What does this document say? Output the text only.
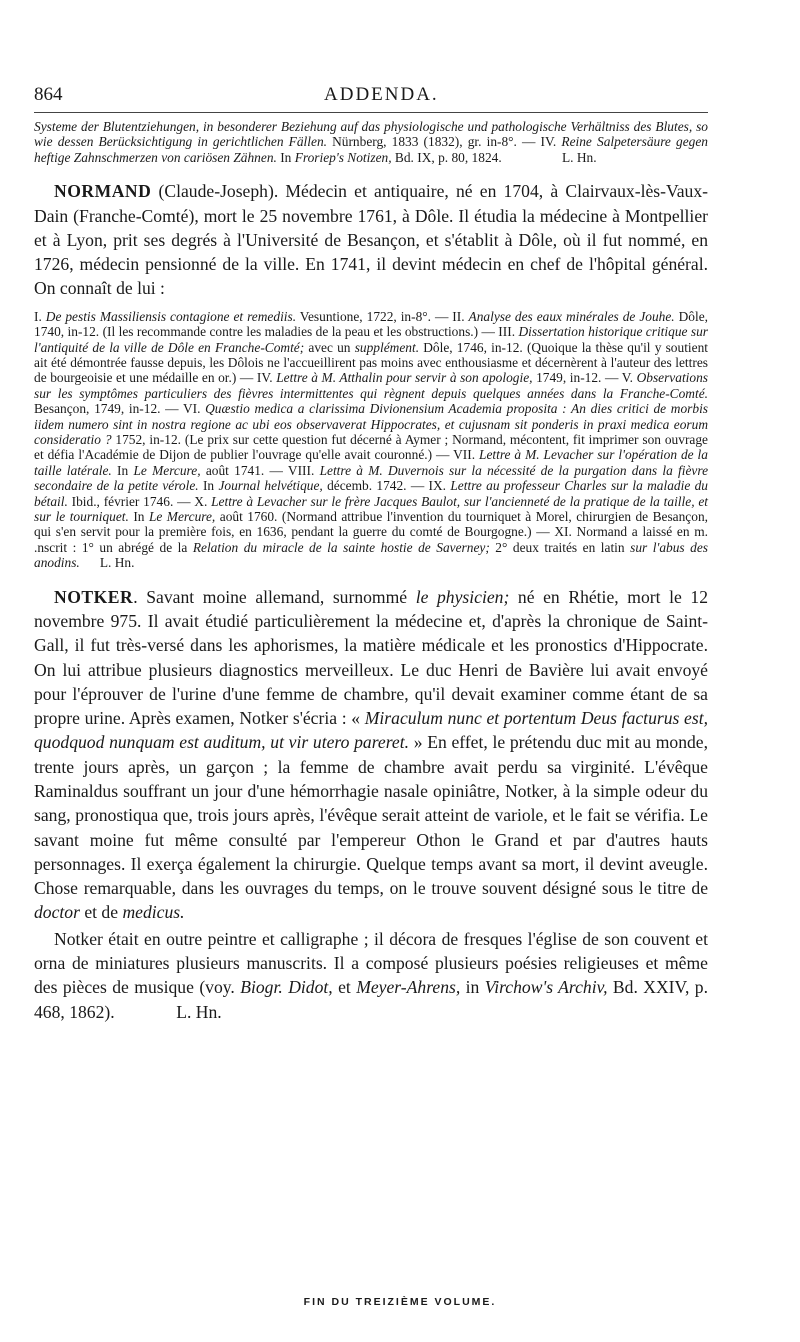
864	ADDENDA.
Systeme der Blutentziehungen, in besonderer Beziehung auf das physiologische und pathologische Verhältniss des Blutes, so wie dessen Berücksichtigung in gerichtlichen Fällen. Nürnberg, 1833 (1832), gr. in-8°. — IV. Reine Salpetersäure gegen heftige Zahnschmerzen von cariösen Zähnen. In Froriep's Notizen, Bd. IX, p. 80, 1824.	L. Hn.
NORMAND (Claude-Joseph). Médecin et antiquaire, né en 1704, à Clairvaux-lès-Vaux-Dain (Franche-Comté), mort le 25 novembre 1761, à Dôle. Il étudia la médecine à Montpellier et à Lyon, prit ses degrés à l'Université de Besançon, et s'établit à Dôle, où il fut nommé, en 1726, médecin pensionné de la ville. En 1741, il devint médecin en chef de l'hôpital général. On connaît de lui :
I. De pestis Massiliensis contagione et remediis. Vesuntione, 1722, in-8°. — II. Analyse des eaux minérales de Jouhe. Dôle, 1740, in-12. (Il les recommande contre les maladies de la peau et les obstructions.) — III. Dissertation historique critique sur l'antiquité de la ville de Dôle en Franche-Comté; avec un supplément. Dôle, 1746, in-12. (Quoique la thèse qu'il y soutient ait été démontrée fausse depuis, les Dôlois ne l'accueillirent pas moins avec enthousiasme et décernèrent à l'auteur des lettres de bourgeoisie et une médaille en or.) — IV. Lettre à M. Atthalin pour servir à son apologie, 1749, in-12. — V. Observations sur les symptômes particuliers des fièvres intermittentes qui règnent depuis quelques années dans la Franche-Comté. Besançon, 1749, in-12. — VI. Quæstio medica a clarissima Divionensium Academia proposita : An dies critici de morbis iidem numero sint in nostra regione ac ubi eos observaverat Hippocrates, et cujusnam sit ponderis in praxi medica eorum consideratio ? 1752, in-12. (Le prix sur cette question fut décerné à Aymer ; Normand, mécontent, fit imprimer son ouvrage et défia l'Académie de Dijon de publier l'ouvrage qu'elle avait couronné.) — VII. Lettre à M. Levacher sur l'opération de la taille latérale. In Le Mercure, août 1741. — VIII. Lettre à M. Duvernois sur la nécessité de la purgation dans la fièvre secondaire de la petite vérole. In Journal helvétique, décemb. 1742. — IX. Lettre au professeur Charles sur la maladie du bétail. Ibid., février 1746. — X. Lettre à Levacher sur le frère Jacques Baulot, sur l'ancienneté de la pratique de la taille, et sur le tourniquet. In Le Mercure, août 1760. (Normand attribue l'invention du tourniquet à Morel, chirurgien de Besançon, qui s'en servit pour la première fois, en 1636, pendant la guerre du comté de Bourgogne.) — XI. Normand a laissé en m. .nscrit : 1° un abrégé de la Relation du miracle de la sainte hostie de Saverney; 2° deux traités en latin sur l'abus des anodins. L. Hn.
NOTKER. Savant moine allemand, surnommé le physicien; né en Rhétie, mort le 12 novembre 975. Il avait étudié particulièrement la médecine et, d'après la chronique de Saint-Gall, il fut très-versé dans les aphorismes, la matière médicale et les pronostics d'Hippocrate. On lui attribue plusieurs diagnostics merveilleux. Le duc Henri de Bavière lui avait envoyé pour l'éprouver de l'urine d'une femme de chambre, qu'il devait examiner comme étant de sa propre urine. Après examen, Notker s'écria : « Miraculum nunc et portentum Deus facturus est, quodquod nunquam est auditum, ut vir utero pareret. » En effet, le prétendu duc mit au monde, trente jours après, un garçon ; la femme de chambre avait perdu sa virginité. L'évêque Raminaldus souffrant un jour d'une hémorrhagie nasale opiniâtre, Notker, à la simple odeur du sang, pronostiqua que, trois jours après, l'évêque serait atteint de variole, et le fait se vérifia. Le savant moine fut même consulté par l'empereur Othon le Grand et par d'autres hauts personnages. Il exerça également la chirurgie. Quelque temps avant sa mort, il devint aveugle. Chose remarquable, dans les ouvrages du temps, on le trouve souvent désigné sous le titre de doctor et de medicus.
Notker était en outre peintre et calligraphe ; il décora de fresques l'église de son couvent et orna de miniatures plusieurs manuscrits. Il a composé plusieurs poésies religieuses et même des pièces de musique (voy. Biogr. Didot, et Meyer-Ahrens, in Virchow's Archiv, Bd. XXIV, p. 468, 1862).	L. Hn.
FIN DU TREIZIÈME VOLUME.
